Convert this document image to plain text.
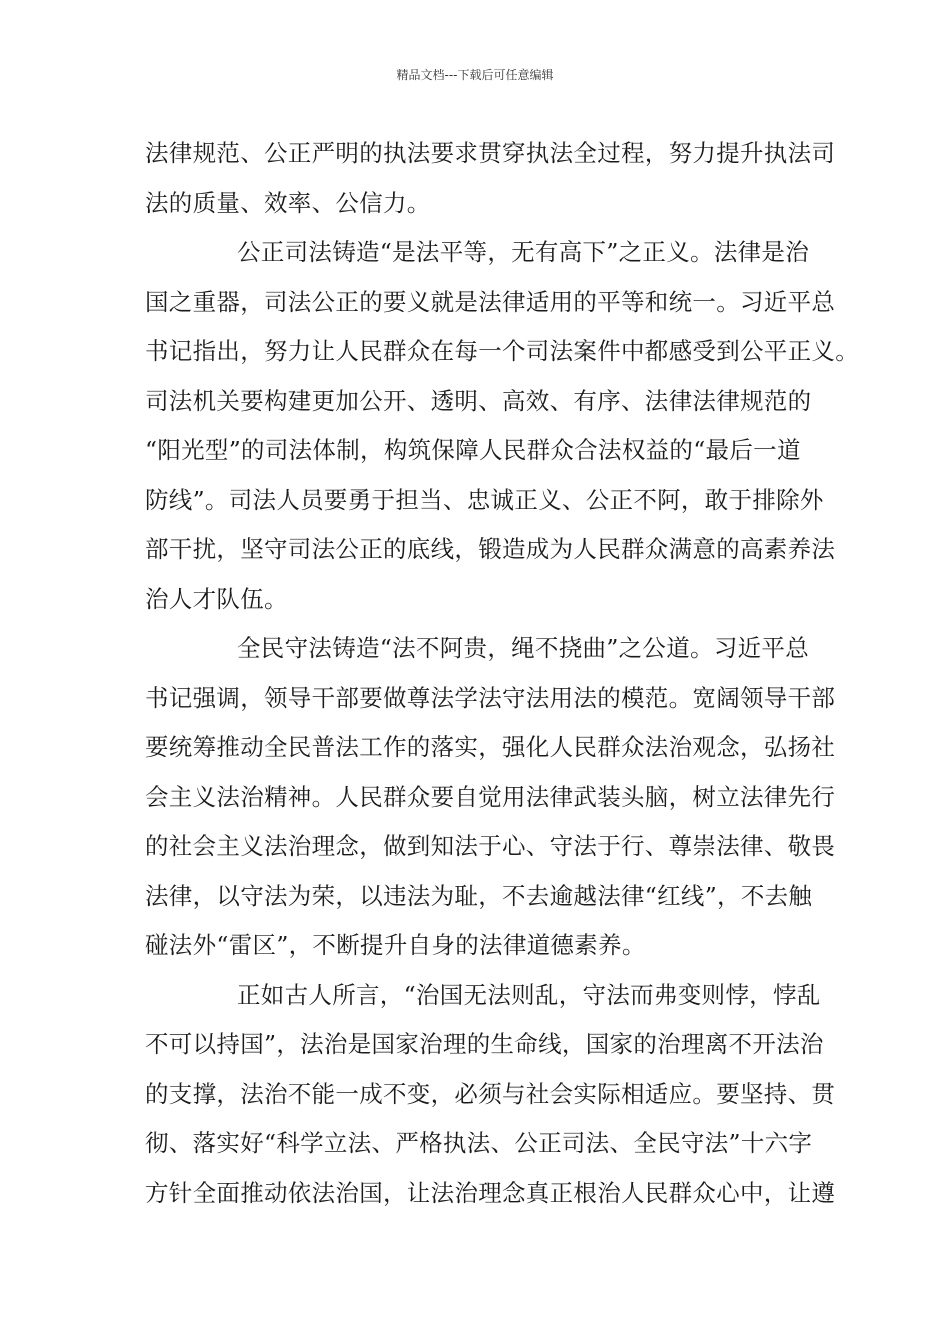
精品文档---下载后可任意编辑
法律规范、公正严明的执法要求贯穿执法全过程，努力提升执法司
法的质量、效率、公信力。
公正司法铸造“是法平等，无有高下”之正义。法律是治
国之重器，司法公正的要义就是法律适用的平等和统一。习近平总
书记指出，努力让人民群众在每一个司法案件中都感受到公平正义。
司法机关要构建更加公开、透明、高效、有序、法律法律规范的
“阳光型”的司法体制，构筑保障人民群众合法权益的“最后一道
防线”。司法人员要勇于担当、忠诚正义、公正不阿，敢于排除外
部干扰，坚守司法公正的底线，锻造成为人民群众满意的高素养法
治人才队伍。
全民守法铸造“法不阿贵，绳不挠曲”之公道。习近平总
书记强调，领导干部要做尊法学法守法用法的模范。宽阔领导干部
要统筹推动全民普法工作的落实，强化人民群众法治观念，弘扬社
会主义法治精神。人民群众要自觉用法律武装头脑，树立法律先行
的社会主义法治理念，做到知法于心、守法于行、尊崇法律、敬畏
法律，以守法为荣，以违法为耻，不去逾越法律“红线”，不去触
碰法外“雷区”，不断提升自身的法律道德素养。
正如古人所言，“治国无法则乱，守法而弗变则悖，悖乱
不可以持国”，法治是国家治理的生命线，国家的治理离不开法治
的支撑，法治不能一成不变，必须与社会实际相适应。要坚持、贯
彻、落实好“科学立法、严格执法、公正司法、全民守法”十六字
方针全面推动依法治国，让法治理念真正根治人民群众心中，让遵
